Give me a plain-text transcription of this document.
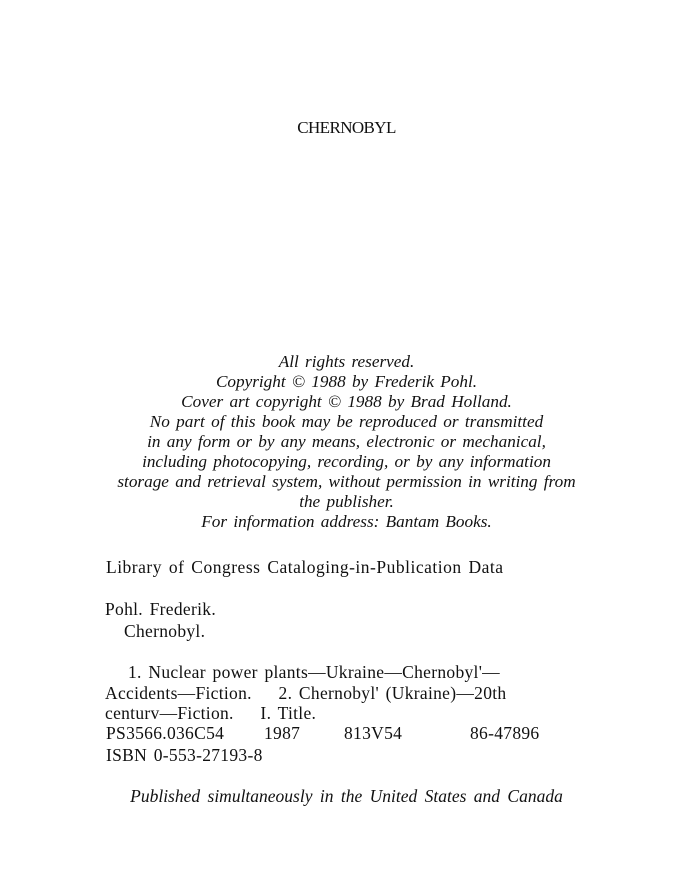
CHERNOBYL
All rights reserved.
Copyright © 1988 by Frederik Pohl.
Cover art copyright © 1988 by Brad Holland.
No part of this book may be reproduced or transmitted
in any form or by any means, electronic or mechanical,
including photocopying, recording, or by any information
storage and retrieval system, without permission in writing from
the publisher.
For information address: Bantam Books.
Library of Congress Cataloging-in-Publication Data
Pohl. Frederik.
Chernobyl.
1. Nuclear power plants—Ukraine—Chernobyl'—
Accidents—Fiction.    2. Chernobyl' (Ukraine)—20th
centurv—Fiction.    I. Title.
PS3566.036C54 1987	813V54	86-47896
ISBN 0-553-27193-8
Published simultaneously in the United States and Canada
